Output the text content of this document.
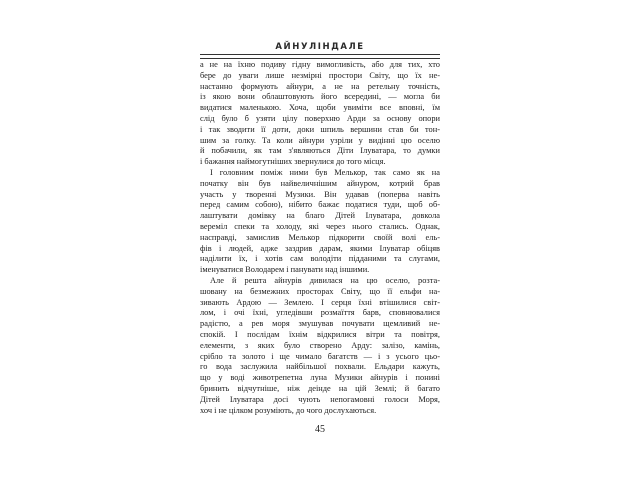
АЙНУЛІНДАЛЕ
а не на їхню подиву гідну вимогливість, або для тих, хто
бере до уваги лише незмірні простори Світу, що їх не-
настанно формують айнури, а не на ретельну точність,
із якою вони облаштовують його всередині, — могла би
видатися маленькою. Хоча, щоби увиміти все вповні, їм
слід було б узяти цілу поверхню Арди за основу опори
і так зводити її доти, доки шпиль вершини став би тон-
шим за голку. Та коли айнури узріли у видінні цю оселю
й побачили, як там з'являються Діти Ілуватара, то думки
і бажання наймогутніших звернулися до того місця.
І головним поміж ними був Мелькор, так само як на
початку він був найвеличнішим айнуром, котрий брав
участь у творенні Музики. Він удавав (поперва навіть
перед самим собою), нібито бажає податися туди, щоб об-
лаштувати домівку на благо Дітей Ілуватара, довкола
вереміл спеки та холоду, які через нього стались. Однак,
насправді, замислив Мелькор підкорити своїй волі ель-
фів і людей, адже заздрив дарам, якими Ілуватар обіцяв
наділити їх, і хотів сам володіти підданими та слугами,
іменуватися Володарем і панувати над іншими.
Але й решта айнурів дивилася на цю оселю, розта-
шовану на безмежних просторах Світу, що її ельфи на-
зивають Ардою — Землею. І серця їхні втішилися світ-
лом, і очі їхні, угледівши розмаїття барв, сповнювалися
радістю, а рев моря змушував почувати щемливий не-
спокій. І послідам їхнім відкрилися вітри та повітря,
елементи, з яких було створено Арду: залізо, камінь,
срібло та золото і ще чимало багатств — і з усього цьо-
го вода заслужила найбільшої похвали. Ельдари кажуть,
що у воді животрепетна луна Музики айнурів і понині
бринить відчутніше, ніж деінде на цій Землі; й багато
Дітей Ілуватара досі чують непогамовні голоси Моря,
хоч і не цілком розуміють, до чого дослухаються.
45
